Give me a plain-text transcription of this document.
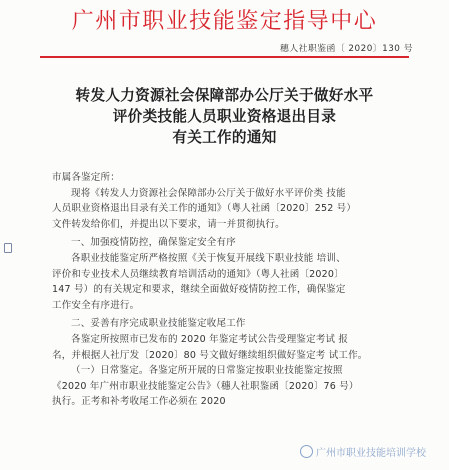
广州市职业技能鉴定指导中心
穗人社职鉴函〔 2020〕130 号
转发人力资源社会保障部办公厅关于做好水平
评价类技能人员职业资格退出目录
有关工作的通知
市属各鉴定所：
现将《转发人力资源社会保障部办公厅关于做好水平评价类 技能
人员职业资格退出目录有关工作的通知》（粤人社函〔2020〕252 号）
文件转发给你们，并提出以下要求，请一并贯彻执行。
一、加强疫情防控，确保鉴定安全有序
各职业技能鉴定所严格按照《关于恢复开展线下职业技能 培训、
评价和专业技术人员继续教育培训活动的通知》（粤人社函〔2020〕
147 号）的有关规定和要求，继续全面做好疫情防控工作，确保鉴定
工作安全有序进行。
二、妥善有序完成职业技能鉴定收尾工作
各鉴定所按照市已发布的 2020 年鉴定考试公告受理鉴定考试 报
名，并根据人社厅发〔2020〕80 号文做好继续组织做好鉴定考 试工作。
（一）日常鉴定。各鉴定所开展的日常鉴定按职业技能鉴定按照
《2020 年广州市职业技能鉴定公告》（穗人社职鉴函〔2020〕76 号）
执行。正考和补考收尾工作必须在 2020
广州市职业技能培训学校
